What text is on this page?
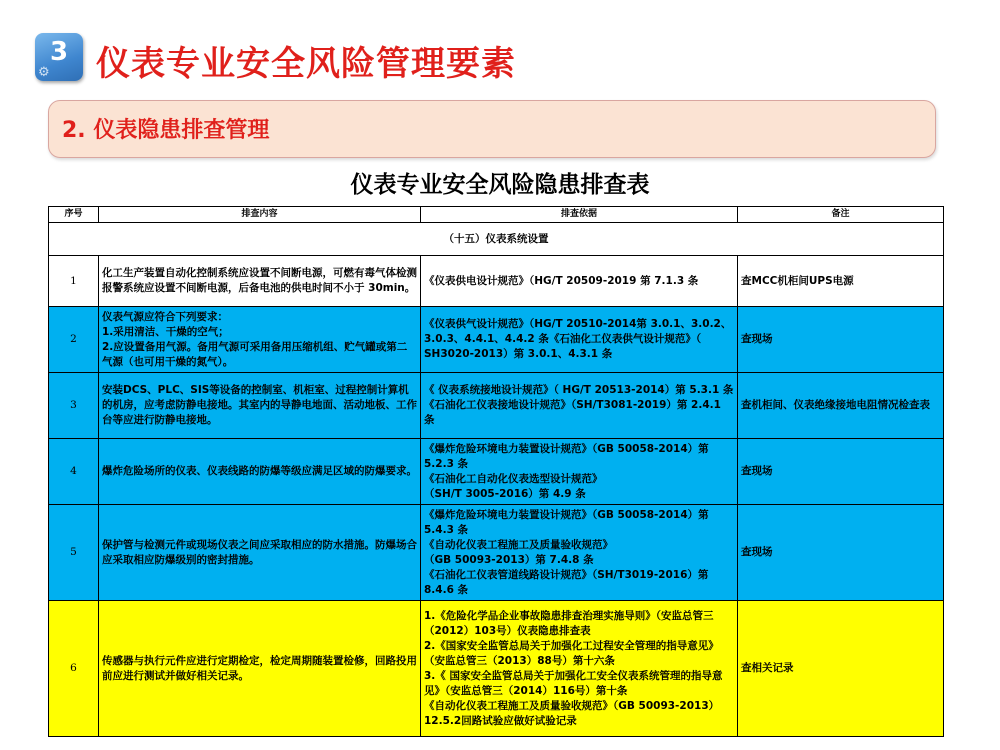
3
⚙ 仪表专业安全风险管理要素
2. 仪表隐患排查管理
仪表专业安全风险隐患排查表
序号	排查内容	排查依据	备注
（十五）仪表系统设置			
1	化工生产装置自动化控制系统应设置不间断电源，可燃有毒气体检测报警系统应设置不间断电源，后备电池的供电时间不小于 30min。	《仪表供电设计规范》（HG/T 20509-2019 第 7.1.3 条	查MCC机柜间UPS电源
2	仪表气源应符合下列要求：
1.采用清洁、干燥的空气；
2.应设置备用气源。备用气源可采用备用压缩机组、贮气罐或第二气源（也可用干燥的氮气）。	《仪表供气设计规范》（HG/T 20510-2014第 3.0.1、3.0.2、3.0.3、4.4.1、4.4.2 条《石油化工仪表供气设计规范》（ SH3020-2013）第 3.0.1、4.3.1 条	查现场
3	安装DCS、PLC、SIS等设备的控制室、机柜室、过程控制计算机的机房，应考虑防静电接地。其室内的导静电地面、活动地板、工作台等应进行防静电接地。	《 仪表系统接地设计规范》（ HG/T 20513-2014）第 5.3.1 条
《石油化工仪表接地设计规范》（SH/T3081-2019）第 2.4.1 条	查机柜间、仪表绝缘接地电阻情况检查表
4	爆炸危险场所的仪表、仪表线路的防爆等级应满足区域的防爆要求。	《爆炸危险环境电力装置设计规范》（GB 50058-2014）第 5.2.3 条
《石油化工自动化仪表选型设计规范》
（SH/T 3005-2016）第 4.9 条	查现场
5	保护管与检测元件或现场仪表之间应采取相应的防水措施。防爆场合应采取相应防爆级别的密封措施。	《爆炸危险环境电力装置设计规范》（GB 50058-2014）第 5.4.3 条
《自动化仪表工程施工及质量验收规范》
（GB 50093-2013）第 7.4.8 条
《石油化工仪表管道线路设计规范》（SH/T3019-2016）第 8.4.6 条	查现场
6	传感器与执行元件应进行定期检定，检定周期随装置检修，回路投用前应进行测试并做好相关记录。	1.《危险化学品企业事故隐患排查治理实施导则》（安监总管三（2012）103号）仪表隐患排查表
2.《国家安全监管总局关于加强化工过程安全管理的指导意见》（安监总管三（2013）88号）第十六条
3.《 国家安全监管总局关于加强化工安全仪表系统管理的指导意见》（安监总管三（2014）116号）第十条
《自动化仪表工程施工及质量验收规范》（GB 50093-2013）12.5.2回路试验应做好试验记录	查相关记录
